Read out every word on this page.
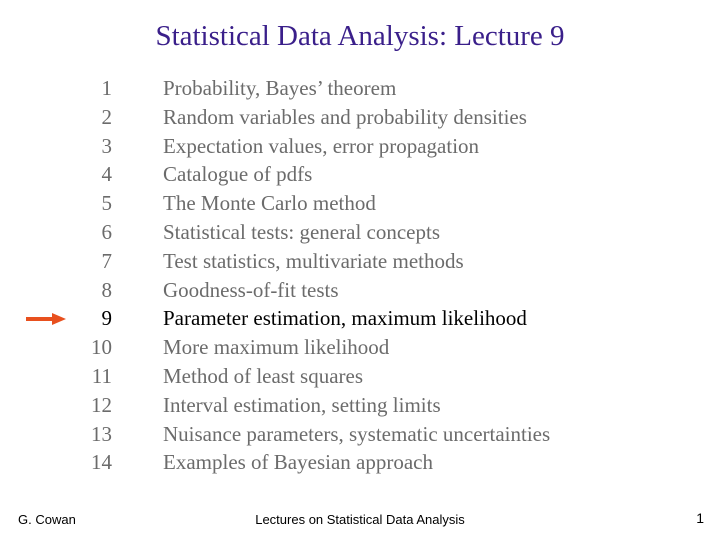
Statistical Data Analysis: Lecture 9
1 Probability, Bayes’ theorem
2 Random variables and probability densities
3 Expectation values, error propagation
4 Catalogue of pdfs
5 The Monte Carlo method
6 Statistical tests: general concepts
7 Test statistics, multivariate methods
8 Goodness-of-fit tests
9 Parameter estimation, maximum likelihood
10 More maximum likelihood
11 Method of least squares
12 Interval estimation, setting limits
13 Nuisance parameters, systematic uncertainties
14 Examples of Bayesian approach
G. Cowan	Lectures on Statistical Data Analysis	1
